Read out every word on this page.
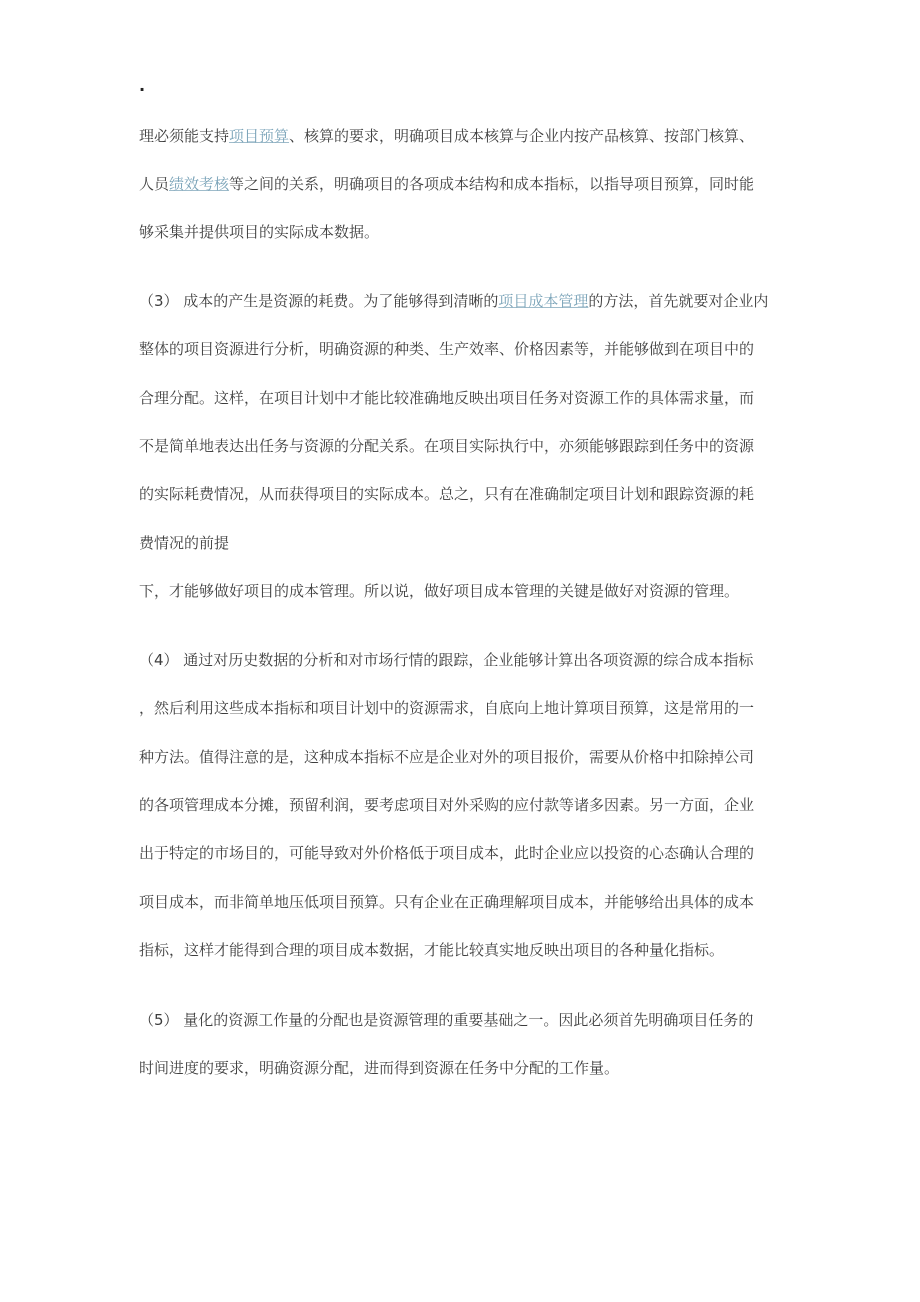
.
理必须能支持项目预算、核算的要求，明确项目成本核算与企业内按产品核算、按部门核算、
人员绩效考核等之间的关系，明确项目的各项成本结构和成本指标，以指导项目预算，同时能
够采集并提供项目的实际成本数据。
（3） 成本的产生是资源的耗费。为了能够得到清晰的项目成本管理的方法，首先就要对企业内
整体的项目资源进行分析，明确资源的种类、生产效率、价格因素等，并能够做到在项目中的
合理分配。这样，在项目计划中才能比较准确地反映出项目任务对资源工作的具体需求量，而
不是简单地表达出任务与资源的分配关系。在项目实际执行中，亦须能够跟踪到任务中的资源
的实际耗费情况，从而获得项目的实际成本。总之，只有在准确制定项目计划和跟踪资源的耗
费情况的前提
下，才能够做好项目的成本管理。所以说，做好项目成本管理的关键是做好对资源的管理。
（4） 通过对历史数据的分析和对市场行情的跟踪，企业能够计算出各项资源的综合成本指标
，然后利用这些成本指标和项目计划中的资源需求，自底向上地计算项目预算，这是常用的一
种方法。值得注意的是，这种成本指标不应是企业对外的项目报价，需要从价格中扣除掉公司
的各项管理成本分摊，预留利润，要考虑项目对外采购的应付款等诸多因素。另一方面，企业
出于特定的市场目的，可能导致对外价格低于项目成本，此时企业应以投资的心态确认合理的
项目成本，而非简单地压低项目预算。只有企业在正确理解项目成本，并能够给出具体的成本
指标，这样才能得到合理的项目成本数据，才能比较真实地反映出项目的各种量化指标。
（5） 量化的资源工作量的分配也是资源管理的重要基础之一。因此必须首先明确项目任务的
时间进度的要求，明确资源分配，进而得到资源在任务中分配的工作量。
